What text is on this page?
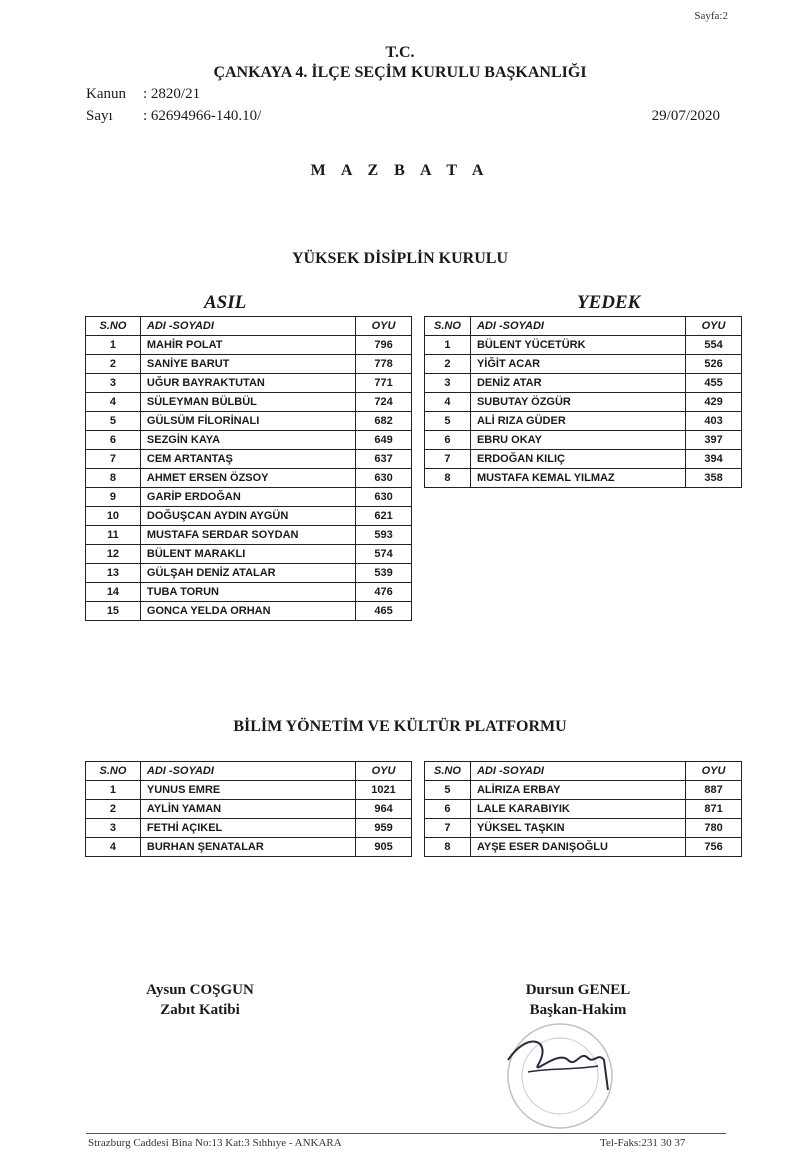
Sayfa:2
T.C.
ÇANKAYA 4. İLÇE SEÇİM KURULU BAŞKANLIĞI
Kanun : 2820/21
Sayı : 62694966-140.10/	29/07/2020
M A Z B A T A
YÜKSEK DİSİPLİN KURULU
ASIL	YEDEK
S.NO	ADI -SOYADI	OYU
1	MAHİR POLAT	796
2	SANİYE BARUT	778
3	UĞUR BAYRAKTUTAN	771
4	SÜLEYMAN BÜLBÜL	724
5	GÜLSÜM FİLORİNALI	682
6	SEZGİN KAYA	649
7	CEM ARTANTAŞ	637
8	AHMET ERSEN ÖZSOY	630
9	GARİP ERDOĞAN	630
10	DOĞUŞCAN AYDIN AYGÜN	621
11	MUSTAFA SERDAR SOYDAN	593
12	BÜLENT MARAKLI	574
13	GÜLŞAH DENİZ ATALAR	539
14	TUBA TORUN	476
15	GONCA YELDA ORHAN	465
S.NO	ADI -SOYADI	OYU
1	BÜLENT YÜCETÜRK	554
2	YİĞİT ACAR	526
3	DENİZ ATAR	455
4	SUBUTAY ÖZGÜR	429
5	ALİ RIZA GÜDER	403
6	EBRU OKAY	397
7	ERDOĞAN KILIÇ	394
8	MUSTAFA KEMAL YILMAZ	358
BİLİM YÖNETİM VE KÜLTÜR PLATFORMU
S.NO	ADI -SOYADI	OYU
1	YUNUS EMRE	1021
2	AYLİN YAMAN	964
3	FETHİ AÇIKEL	959
4	BURHAN ŞENATALAR	905
S.NO	ADI -SOYADI	OYU
5	ALİRIZA ERBAY	887
6	LALE KARABIYIK	871
7	YÜKSEL TAŞKIN	780
8	AYŞE ESER DANIŞOĞLU	756
Aysun COŞGUN
Zabıt Katibi
Dursun GENEL
Başkan-Hakim
Strazburg Caddesi Bina No:13 Kat:3 Sıhhıye - ANKARA	Tel-Faks:231 30 37
